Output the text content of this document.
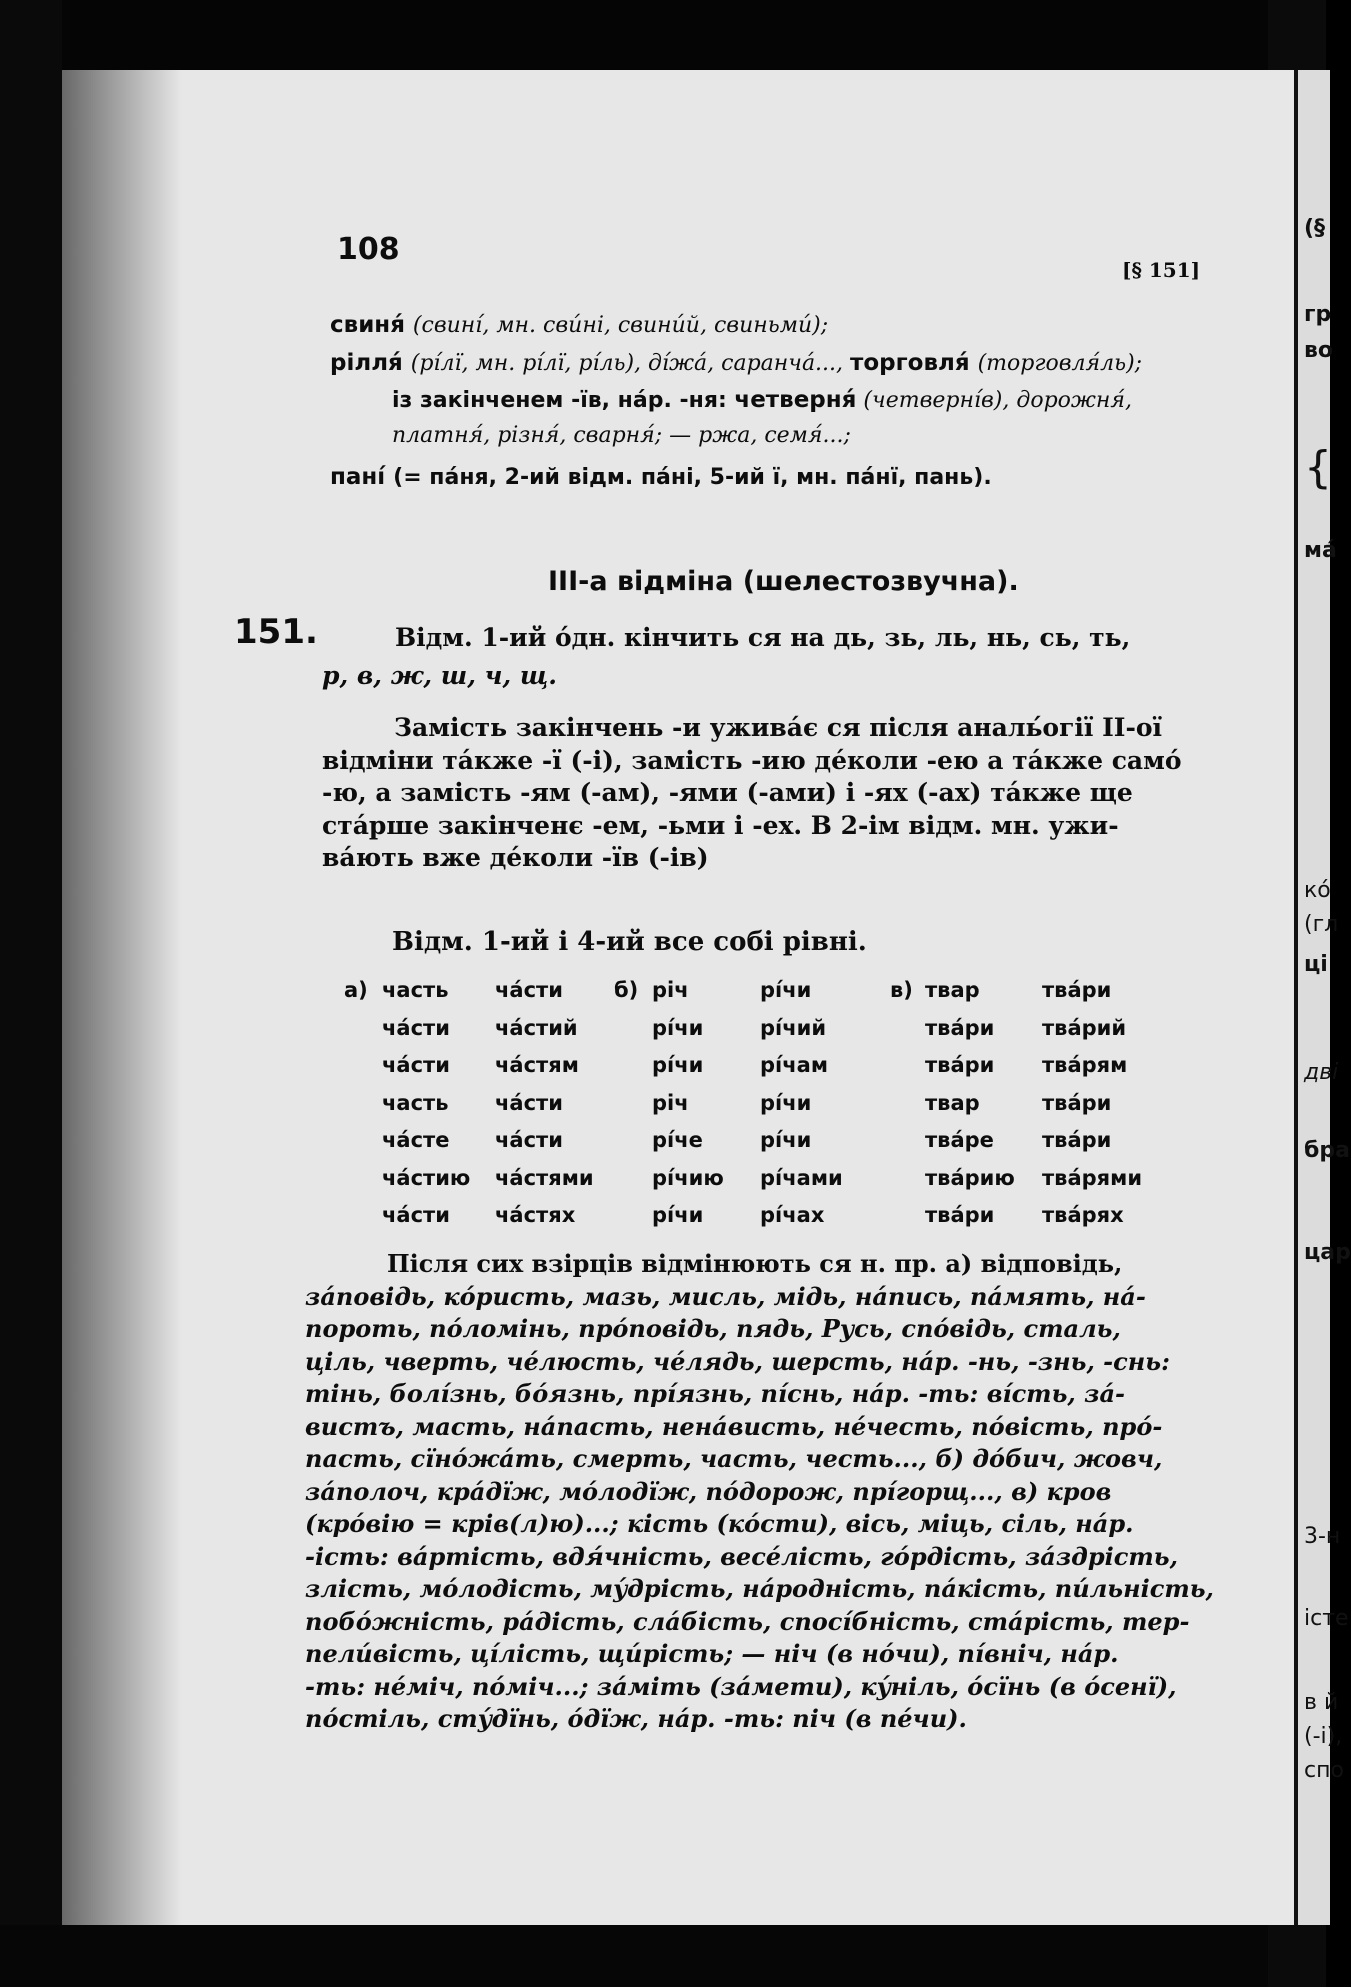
(§
гр
во
{
мá
кó
(гл
ці
дві
бра
цар
3-н
істе
в й
(-і),
спо
108
[§ 151]
свиня́ (свині́, мн. сви́ні, свини́й, свиньми́);
рілля́ (рі́лї, мн. рі́лї, рі́ль), ді́жа́, саранча́..., торговля́ (торговля́ль);
із закінченем -їв, на́р. -ня: четверня́ (четверні́в), дорожня́,
платня́, різня́, сварня́; — ржа, семя́...;
пані́ (= пáня, 2-ий відм. пáні, 5-ий ї, мн. пáнї, пань).
III-а відміна (шелестозвучна).
151.	Відм. 1-ий о́дн. кінчить ся на дь, зь, ль, нь, сь, ть,
р, в, ж, ш, ч, щ.
Замість закінчень -и уживáє ся після аналь́огії II-ої
відміни тáкже -ї (-і), замість -ию дéколи -ею а тáкже самó
-ю, а замість -ям (-ам), -ями (-ами) і -ях (-ах) тáкже ще
стáрше закінченє -ем, -ьми і -ех. В 2-ім відм. мн. ужи-
вáють вже дéколи -їв (-ів)
Відм. 1-ий і 4-ий все собі рівні.
а) часть
чáсти
чáсти
часть
чáсте
чáстию
чáсти
чáсти
чáстий
чáстям
чáсти
чáсти
чáстями
чáстях
б) річ
рíчи
рíчи
річ
рíче
рíчию
рíчи
рíчи
рíчий
рíчам
рíчи
рíчи
рíчами
рíчах
в) твар
твáри
твáри
твар
твáре
твáрию
твáри
твáри
твáрий
твáрям
твáри
твáри
твáрями
твáрях
Після сих взірців відмінюють ся н. пр. а) відповідь,
зáповідь, кóристь, мазь, мисль, мідь, нáпись, пáмять, нá-
пороть, пóломінь, прóповідь, пядь, Русь, спóвідь, сталь,
ціль, чверть, чéлюсть, чéлядь, шерсть, нáр. -нь, -знь, -снь:
тінь, болíзнь, бóязнь, прíязнь, пíснь, нáр. -ть: вíсть, зá-
вистъ, масть, нáпасть, ненáвисть, нéчесть, пóвість, прó-
пасть, сїнóжáть, смерть, часть, честь..., б) дóбич, жовч,
зáполоч, крáдїж, мóлодїж, пóдорож, прíгорщ..., в) кров
(крóвію = крів(л)ю)...; кість (кóсти), вісь, міць, сіль, нáр.
-ість: вáртість, вдя́чність, весéлість, гóрдість, зáздрість,
злість, мóлодість, мýдрість, нáродність, пáкість, пи́льність,
побóжність, рáдість, слáбість, спосíбність, стáрість, тер-
пели́вість, цíлість, щи́рість; — ніч (в нóчи), пíвніч, нáр.
-ть: нéміч, пóміч...; зáміть (зáмети), кýніль, óсїнь (в óсенї),
пóстіль, стýдїнь, óдїж, нáр. -ть: піч (в пéчи).
